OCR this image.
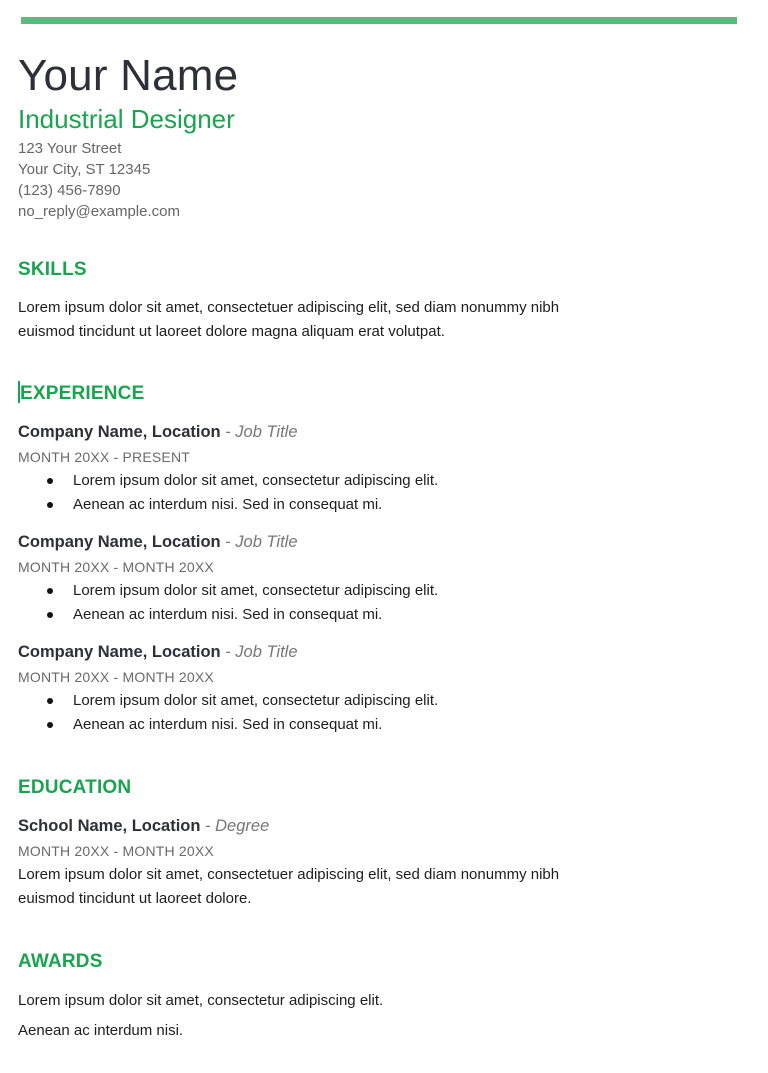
Your Name
Industrial Designer

123 Your Street

Your City, ST 12345

(123) 456-7890

no_reply@example.com

SKILLS

Lorem ipsum dolor sit amet, consectetuer adipiscing elit, sed diam nonummy nibh euismod tincidunt ut laoreet dolore magna aliquam erat volutpat.

EXPERIENCE

Company Name, Location - Job Title

MONTH 20XX - PRESENT

Lorem ipsum dolor sit amet, consectetur adipiscing elit.
Aenean ac interdum nisi. Sed in consequat mi.

Company Name, Location - Job Title

MONTH 20XX - MONTH 20XX

Lorem ipsum dolor sit amet, consectetur adipiscing elit.
Aenean ac interdum nisi. Sed in consequat mi.

Company Name, Location - Job Title

MONTH 20XX - MONTH 20XX

Lorem ipsum dolor sit amet, consectetur adipiscing elit.
Aenean ac interdum nisi. Sed in consequat mi.
EDUCATION

School Name, Location - Degree

MONTH 20XX - MONTH 20XX

Lorem ipsum dolor sit amet, consectetuer adipiscing elit, sed diam nonummy nibh euismod tincidunt ut laoreet dolore.

AWARDS

Lorem ipsum dolor sit amet, consectetur adipiscing elit.

Aenean ac interdum nisi.
